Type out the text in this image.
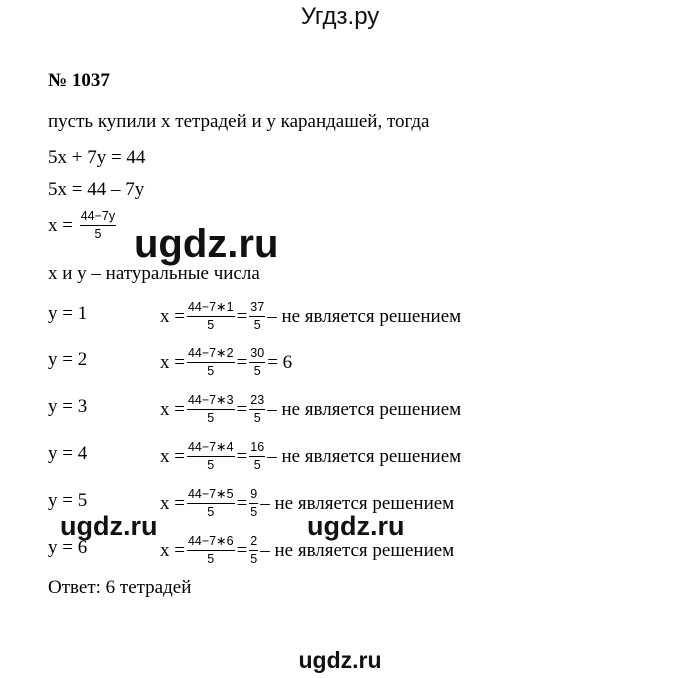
Угдз.ру
№ 1037
пусть купили x тетрадей и y карандашей, тогда
5x + 7y = 44
5x = 44 – 7y
$x = \frac{44-7y}{5}$
x и y – натуральные числа
y = 1	$x = \frac{44-7∗1}{5} = \frac{37}{5}$ – не является решением
y = 2	$x = \frac{44-7∗2}{5} = \frac{30}{5} = 6$
y = 3	$x = \frac{44-7∗3}{5} = \frac{23}{5}$ – не является решением
y = 4	$x = \frac{44-7∗4}{5} = \frac{16}{5}$ – не является решением
y = 5	$x = \frac{44-7∗5}{5} = \frac{9}{5}$ – не является решением
y = 6	$x = \frac{44-7∗6}{5} = \frac{2}{5}$ – не является решением
Ответ: 6 тетрадей
ugdz.ru
ugdz.ru	ugdz.ru
ugdz.ru
